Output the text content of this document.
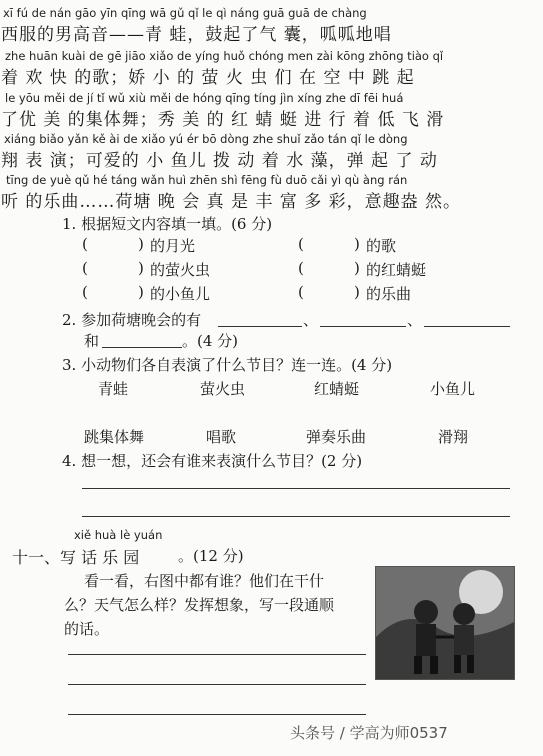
xī fú de nán gāo yīn qīng wā gǔ qǐ le qì náng guā guā de chàng
西服的男高音——青 蛙，鼓起了气 囊，呱呱地唱
zhe huān kuài de gē jiāo xiǎo de yíng huǒ chóng men zài kōng zhōng tiào qǐ
着 欢 快 的歌；娇 小 的 萤 火 虫 们 在 空 中 跳 起
le yōu měi de jí tǐ wǔ xiù měi de hóng qīng tíng jìn xíng zhe dī fēi huá
了优 美 的集体舞；秀 美 的 红 蜻 蜓 进 行 着 低 飞 滑
xiáng biǎo yǎn kě ài de xiǎo yú ér bō dòng zhe shuǐ zǎo tán qǐ le dòng
翔 表 演；可爱的 小 鱼儿 拨 动 着 水 藻，弹 起 了 动
tīng de yuè qǔ hé táng wǎn huì zhēn shì fēng fù duō cǎi yì qù àng rán
听 的乐曲……荷塘 晚 会 真 是 丰 富 多 彩，意趣盎 然。
1. 根据短文内容填一填。(6 分)
(	) 的月光	(	) 的歌
(	) 的萤火虫	(	) 的红蜻蜓
(	) 的小鱼儿	(	) 的乐曲
2. 参加荷塘晚会的有	、	、
和	。(4 分)
3. 小动物们各自表演了什么节目？连一连。(4 分)
青蛙	萤火虫	红蜻蜓	小鱼儿
跳集体舞	唱歌	弹奏乐曲	滑翔
4. 想一想，还会有谁来表演什么节目？(2 分)
xiě huà lè yuán
十一、写 话 乐 园	。(12 分)
看一看，右图中都有谁？他们在干什
么？天气怎么样？发挥想象，写一段通顺
的话。
头条号 / 学高为师0537
